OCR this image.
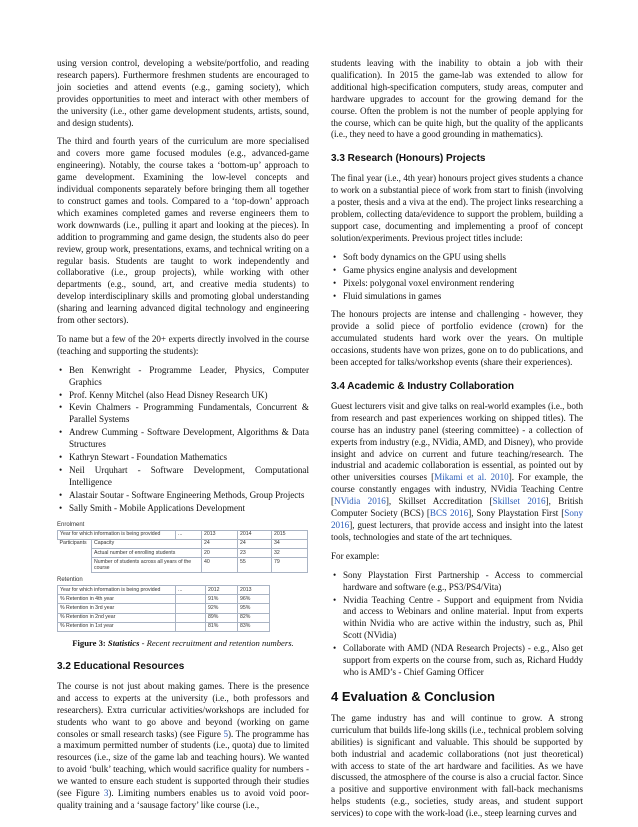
using version control, developing a website/portfolio, and reading research papers). Furthermore freshmen students are encouraged to join societies and attend events (e.g., gaming society), which provides opportunities to meet and interact with other members of the university (i.e., other game development students, artists, sound, and design students).

The third and fourth years of the curriculum are more specialised and covers more game focused modules (e.g., advanced-game engineering). Notably, the course takes a ‘bottom-up’ approach to game development. Examining the low-level concepts and individual components separately before bringing them all together to construct games and tools. Compared to a ‘top-down’ approach which examines completed games and reverse engineers them to work downwards (i.e., pulling it apart and looking at the pieces). In addition to programming and game design, the students also do peer review, group work, presentations, exams, and technical writing on a regular basis. Students are taught to work independently and collaborative (i.e., group projects), while working with other departments (e.g., sound, art, and creative media students) to develop interdisciplinary skills and promoting global understanding (sharing and learning advanced digital technology and engineering from other sectors).

To name but a few of the 20+ experts directly involved in the course (teaching and supporting the students):

• Ben Kenwright - Programme Leader, Physics, Computer Graphics
• Prof. Kenny Mitchel (also Head Disney Research UK)
• Kevin Chalmers - Programming Fundamentals, Concurrent & Parallel Systems
• Andrew Cumming - Software Development, Algorithms & Data Structures
• Kathryn Stewart - Foundation Mathematics
• Neil Urquhart - Software Development, Computational Intelligence
• Alastair Soutar - Software Engineering Methods, Group Projects
• Sally Smith - Mobile Applications Development
Enrolment
Year for which information is being provided		...	2013	2014	2015
Participants	Capacity		24	24	34
	Actual number of enrolling students		20	23	32
	Number of students across all years of the course		40	55	79
Retention
Year for which information is being provided	...	2012	2013
% Retention in 4th year		91%	96%
% Retention in 3rd year		92%	95%
% Retention in 2nd year		89%	82%
% Retention in 1st year		81%	83%
Figure 3: Statistics - Recent recruitment and retention numbers.
3.2 Educational Resources

The course is not just about making games. There is the presence and access to experts at the university (i.e., both professors and researchers). Extra curricular activities/workshops are included for students who want to go above and beyond (working on game consoles or small research tasks) (see Figure 5). The programme has a maximum permitted number of students (i.e., quota) due to limited resources (i.e., size of the game lab and teaching hours). We wanted to avoid ‘bulk’ teaching, which would sacrifice quality for numbers - we wanted to ensure each student is supported through their studies (see Figure 3). Limiting numbers enables us to avoid void poor-quality training and a ‘sausage factory’ like course (i.e.,

students leaving with the inability to obtain a job with their qualification). In 2015 the game-lab was extended to allow for additional high-specification computers, study areas, computer and hardware upgrades to account for the growing demand for the course. Often the problem is not the number of people applying for the course, which can be quite high, but the quality of the applicants (i.e., they need to have a good grounding in mathematics).

3.3 Research (Honours) Projects

The final year (i.e., 4th year) honours project gives students a chance to work on a substantial piece of work from start to finish (involving a poster, thesis and a viva at the end). The project links researching a problem, collecting data/evidence to support the problem, building a support case, documenting and implementing a proof of concept solution/experiments. Previous project titles include:

• Soft body dynamics on the GPU using shells
• Game physics engine analysis and development
• Pixels: polygonal voxel environment rendering
• Fluid simulations in games

The honours projects are intense and challenging - however, they provide a solid piece of portfolio evidence (crown) for the accumulated students hard work over the years. On multiple occasions, students have won prizes, gone on to do publications, and been accepted for talks/workshop events (share their experiences).

3.4 Academic & Industry Collaboration

Guest lecturers visit and give talks on real-world examples (i.e., both from research and past experiences working on shipped titles). The course has an industry panel (steering committee) - a collection of experts from industry (e.g., NVidia, AMD, and Disney), who provide insight and advice on current and future teaching/research. The industrial and academic collaboration is essential, as pointed out by other universities courses [Mikami et al. 2010]. For example, the course constantly engages with industry, NVidia Teaching Centre [NVidia 2016], Skillset Accreditation [Skillset 2016], British Computer Society (BCS) [BCS 2016], Sony Playstation First [Sony 2016], guest lecturers, that provide access and insight into the latest tools, technologies and state of the art techniques.

For example:

• Sony Playstation First Partnership - Access to commercial hardware and software (e.g., PS3/PS4/Vita)
• Nvidia Teaching Centre - Support and equipment from Nvidia and access to Webinars and online material. Input from experts within Nvidia who are active within the industry, such as, Phil Scott (NVidia)
• Collaborate with AMD (NDA Research Projects) - e.g., Also get support from experts on the course from, such as, Richard Huddy who is AMD’s - Chief Gaming Officer
4 Evaluation & Conclusion

The game industry has and will continue to grow. A strong curriculum that builds life-long skills (i.e., technical problem solving abilities) is significant and valuable. This should be supported by both industrial and academic collaborations (not just theoretical) with access to state of the art hardware and facilities. As we have discussed, the atmosphere of the course is also a crucial factor. Since a positive and supportive environment with fall-back mechanisms helps students (e.g., societies, study areas, and student support services) to cope with the work-load (i.e., steep learning curves and
